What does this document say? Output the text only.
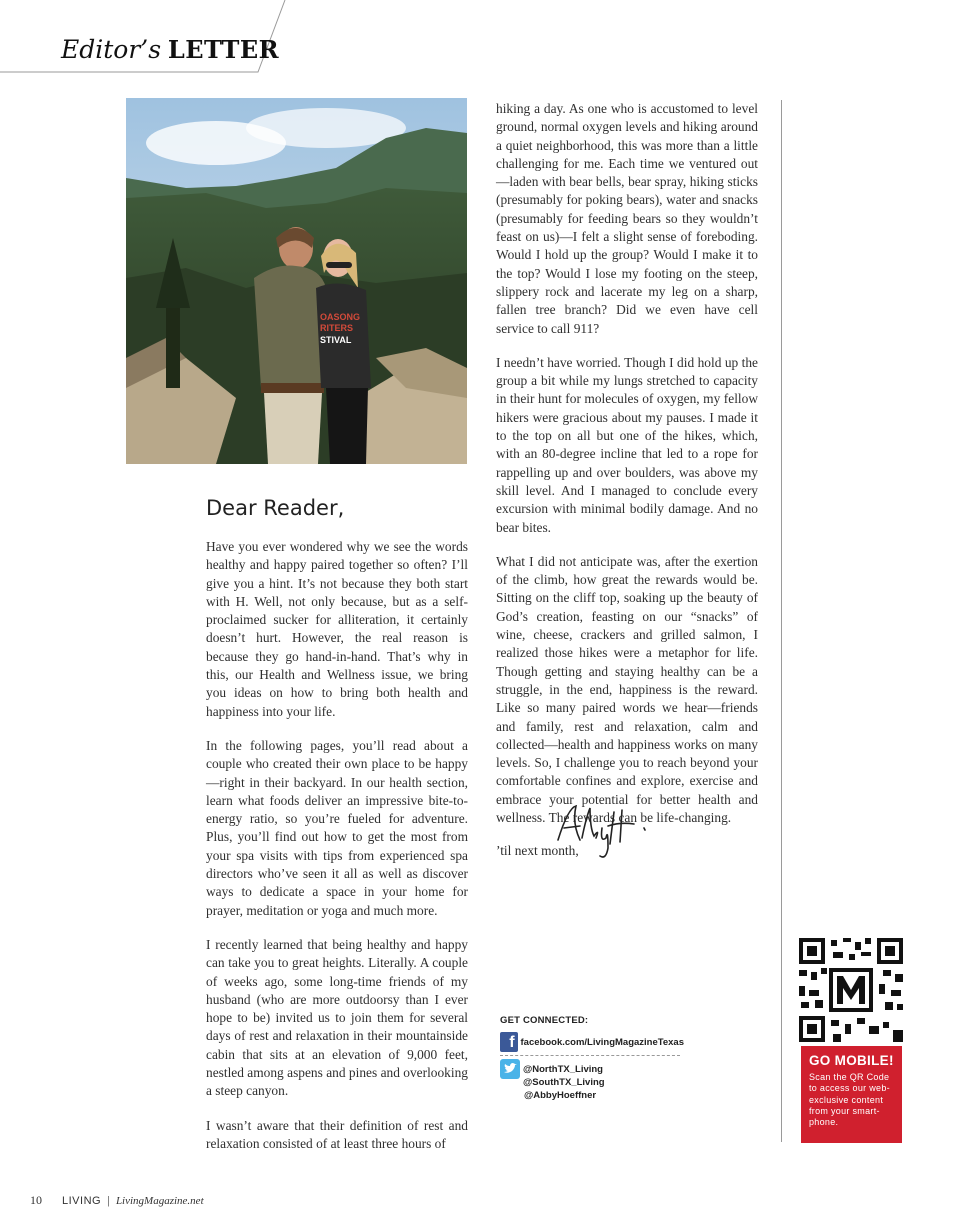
Editor’s LETTER
OASONG
RITERS
STIVAL
Dear Reader,

Have you ever wondered why we see the words healthy and happy paired together so often? I’ll give you a hint. It’s not because they both start with H. Well, not only because, but as a self-proclaimed sucker for alliteration, it certainly doesn’t hurt. However, the real reason is because they go hand-in-hand. That’s why in this, our Health and Wellness issue, we bring you ideas on how to bring both health and happiness into your life.

In the following pages, you’ll read about a couple who created their own place to be happy—right in their backyard. In our health section, learn what foods deliver an impressive bite-to-energy ratio, so you’re fueled for adventure. Plus, you’ll find out how to get the most from your spa visits with tips from experienced spa directors who’ve seen it all as well as discover ways to dedicate a space in your home for prayer, meditation or yoga and much more.

I recently learned that being healthy and happy can take you to great heights. Literally. A couple of weeks ago, some long-time friends of my husband (who are more outdoorsy than I ever hope to be) invited us to join them for several days of rest and relaxation in their mountainside cabin that sits at an elevation of 9,000 feet, nestled among aspens and pines and overlooking a steep canyon.

I wasn’t aware that their definition of rest and relaxation consisted of at least three hours of

hiking a day. As one who is accustomed to level ground, normal oxygen levels and hiking around a quiet neighborhood, this was more than a little challenging for me. Each time we ventured out—laden with bear bells, bear spray, hiking sticks (presumably for poking bears), water and snacks (presumably for feeding bears so they wouldn’t feast on us)—I felt a slight sense of foreboding. Would I hold up the group? Would I make it to the top? Would I lose my footing on the steep, slippery rock and lacerate my leg on a sharp, fallen tree branch? Did we even have cell service to call 911?

I needn’t have worried. Though I did hold up the group a bit while my lungs stretched to capacity in their hunt for molecules of oxygen, my fellow hikers were gracious about my pauses. I made it to the top on all but one of the hikes, which, with an 80-degree incline that led to a rope for rappelling up and over boulders, was above my skill level. And I managed to conclude every excursion with minimal bodily damage. And no bear bites.

What I did not anticipate was, after the exertion of the climb, how great the rewards would be. Sitting on the cliff top, soaking up the beauty of God’s creation, feasting on our “snacks” of wine, cheese, crackers and grilled salmon, I realized those hikes were a metaphor for life. Though getting and staying healthy can be a struggle, in the end, happiness is the reward. Like so many paired words we hear—friends and family, rest and relaxation, calm and collected—health and happiness works on many levels. So, I challenge you to reach beyond your comfortable confines and explore, exercise and embrace your potential for better health and wellness. The rewards can be life-changing.

’til next month,

GET CONNECTED:
f facebook.com/LivingMagazineTexas
@NorthTX_Living
@SouthTX_Living
@AbbyHoeffner
GO MOBILE!
Scan the QR Code to access our web-exclusive content from your smart-phone.
10 LIVING | LivingMagazine.net
